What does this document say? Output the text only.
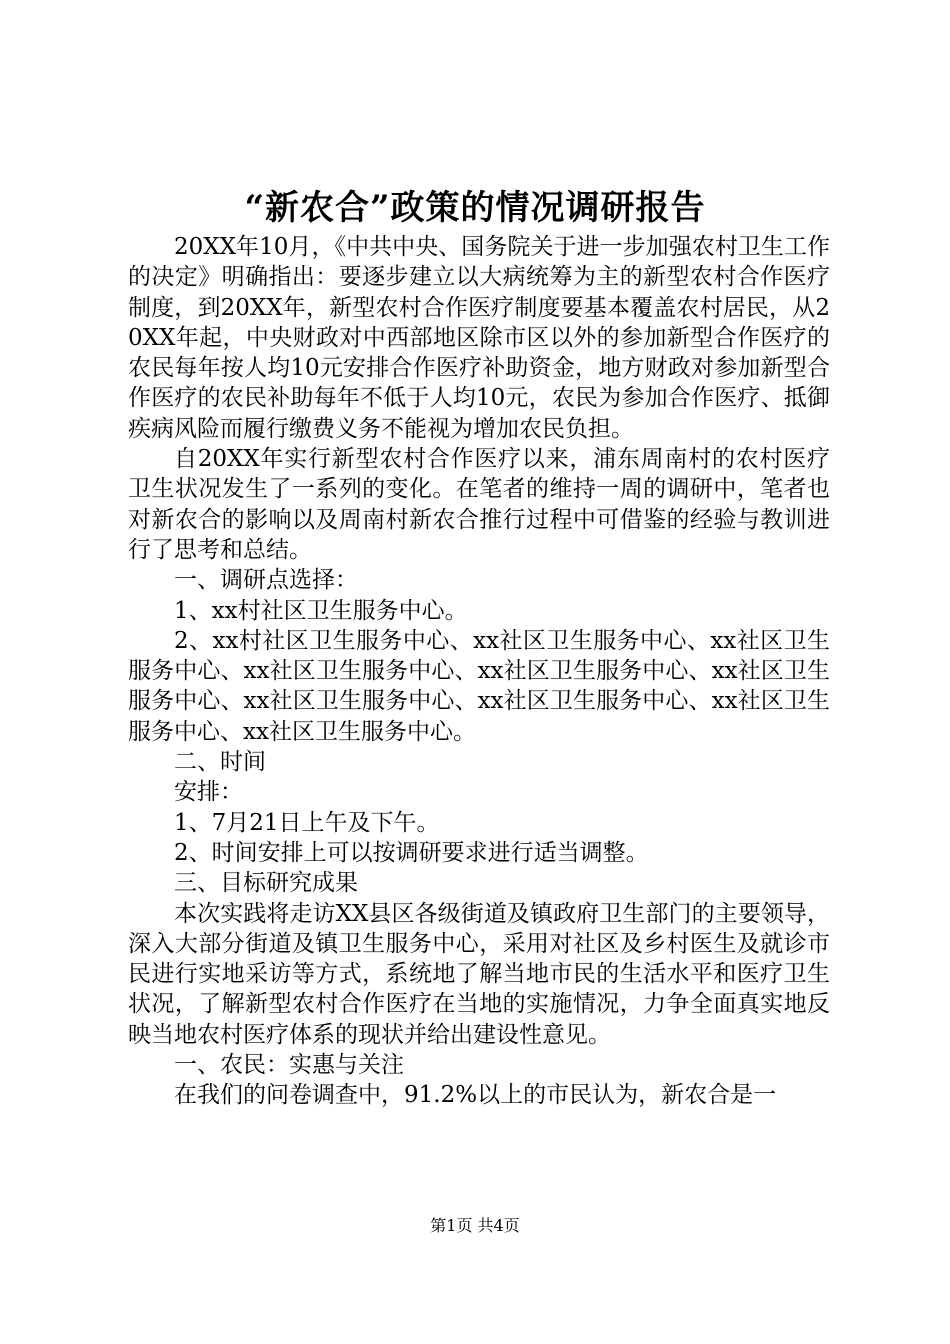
“新农合”政策的情况调研报告

20XX年10月，《中共中央、国务院关于进一步加强农村卫生工作的决定》明确指出：要逐步建立以大病统筹为主的新型农村合作医疗制度，到20XX年，新型农村合作医疗制度要基本覆盖农村居民，从20XX年起，中央财政对中西部地区除市区以外的参加新型合作医疗的农民每年按人均10元安排合作医疗补助资金，地方财政对参加新型合作医疗的农民补助每年不低于人均10元，农民为参加合作医疗、抵御疾病风险而履行缴费义务不能视为增加农民负担。

自20XX年实行新型农村合作医疗以来，浦东周南村的农村医疗卫生状况发生了一系列的变化。在笔者的维持一周的调研中，笔者也对新农合的影响以及周南村新农合推行过程中可借鉴的经验与教训进行了思考和总结。

一、调研点选择：

1、xx村社区卫生服务中心。

2、xx村社区卫生服务中心、xx社区卫生服务中心、xx社区卫生服务中心、xx社区卫生服务中心、xx社区卫生服务中心、xx社区卫生服务中心、xx社区卫生服务中心、xx社区卫生服务中心、xx社区卫生服务中心、xx社区卫生服务中心。

二、时间

安排：

1、7月21日上午及下午。

2、时间安排上可以按调研要求进行适当调整。

三、目标研究成果

本次实践将走访XX县区各级街道及镇政府卫生部门的主要领导，深入大部分街道及镇卫生服务中心，采用对社区及乡村医生及就诊市民进行实地采访等方式，系统地了解当地市民的生活水平和医疗卫生状况，了解新型农村合作医疗在当地的实施情况，力争全面真实地反映当地农村医疗体系的现状并给出建设性意见。

一、农民：实惠与关注

在我们的问卷调查中，91.2%以上的市民认为，新农合是一

第1页 共4页
